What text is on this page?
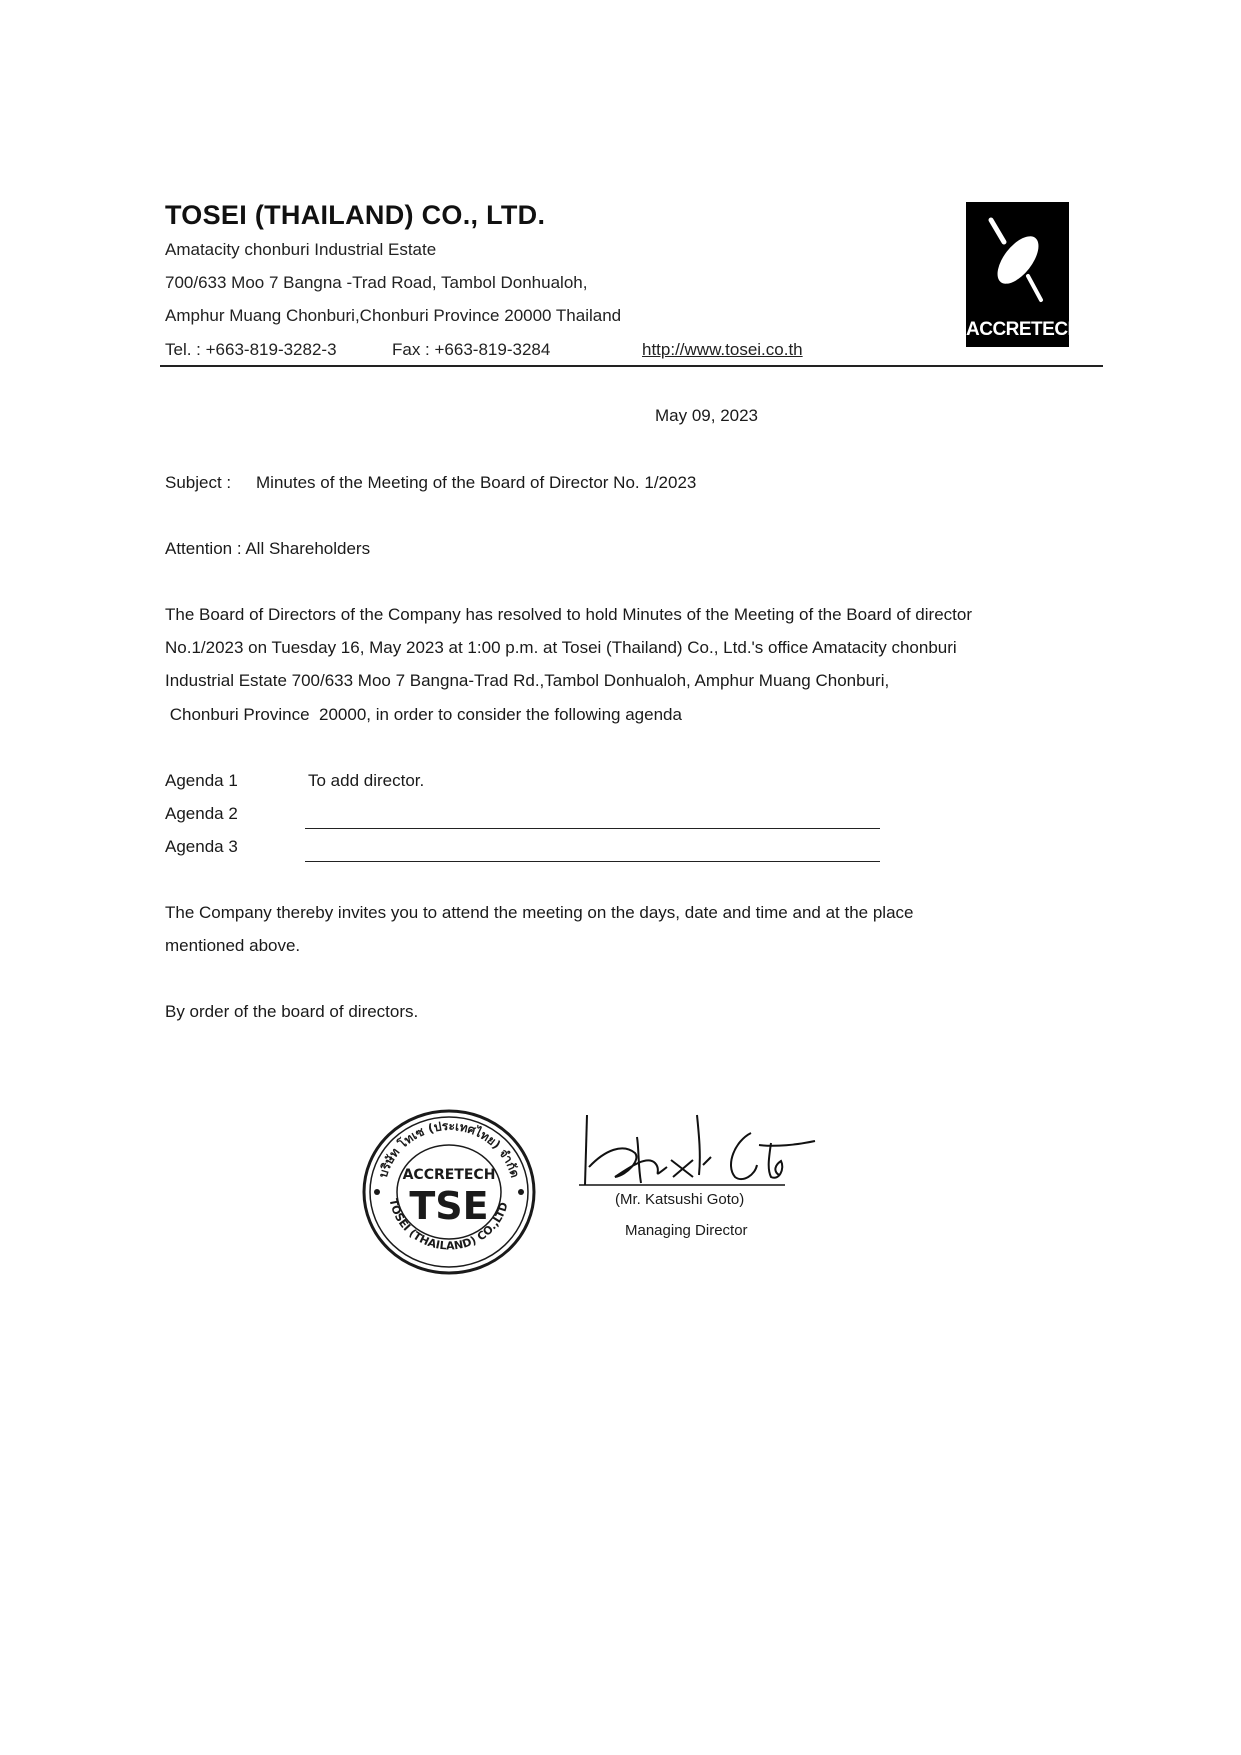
TOSEI (THAILAND) CO., LTD.
Amatacity chonburi Industrial Estate
700/633 Moo 7 Bangna -Trad Road, Tambol Donhualoh,
Amphur Muang Chonburi,Chonburi Province 20000 Thailand
Tel. : +663-819-3282-3	Fax : +663-819-3284	http://www.tosei.co.th
ACCRETECH
May 09, 2023
Subject : Minutes of the Meeting of the Board of Director No. 1/2023
Attention : All Shareholders
The Board of Directors of the Company has resolved to hold Minutes of the Meeting of the Board of director
No.1/2023 on Tuesday 16, May 2023 at 1:00 p.m. at Tosei (Thailand) Co., Ltd.'s office Amatacity chonburi
Industrial Estate 700/633 Moo 7 Bangna-Trad Rd.,Tambol Donhualoh, Amphur Muang Chonburi,
Chonburi Province  20000, in order to consider the following agenda
Agenda 1	To add director.
Agenda 2
Agenda 3
The Company thereby invites you to attend the meeting on the days, date and time and at the place
mentioned above.
By order of the board of directors.
บริษัท โทเซ (ประเทศไทย) จำกัด
TOSEI (THAILAND) CO.,LTD
ACCRETECH
TSE	(Mr. Katsushi Goto)
Managing Director
